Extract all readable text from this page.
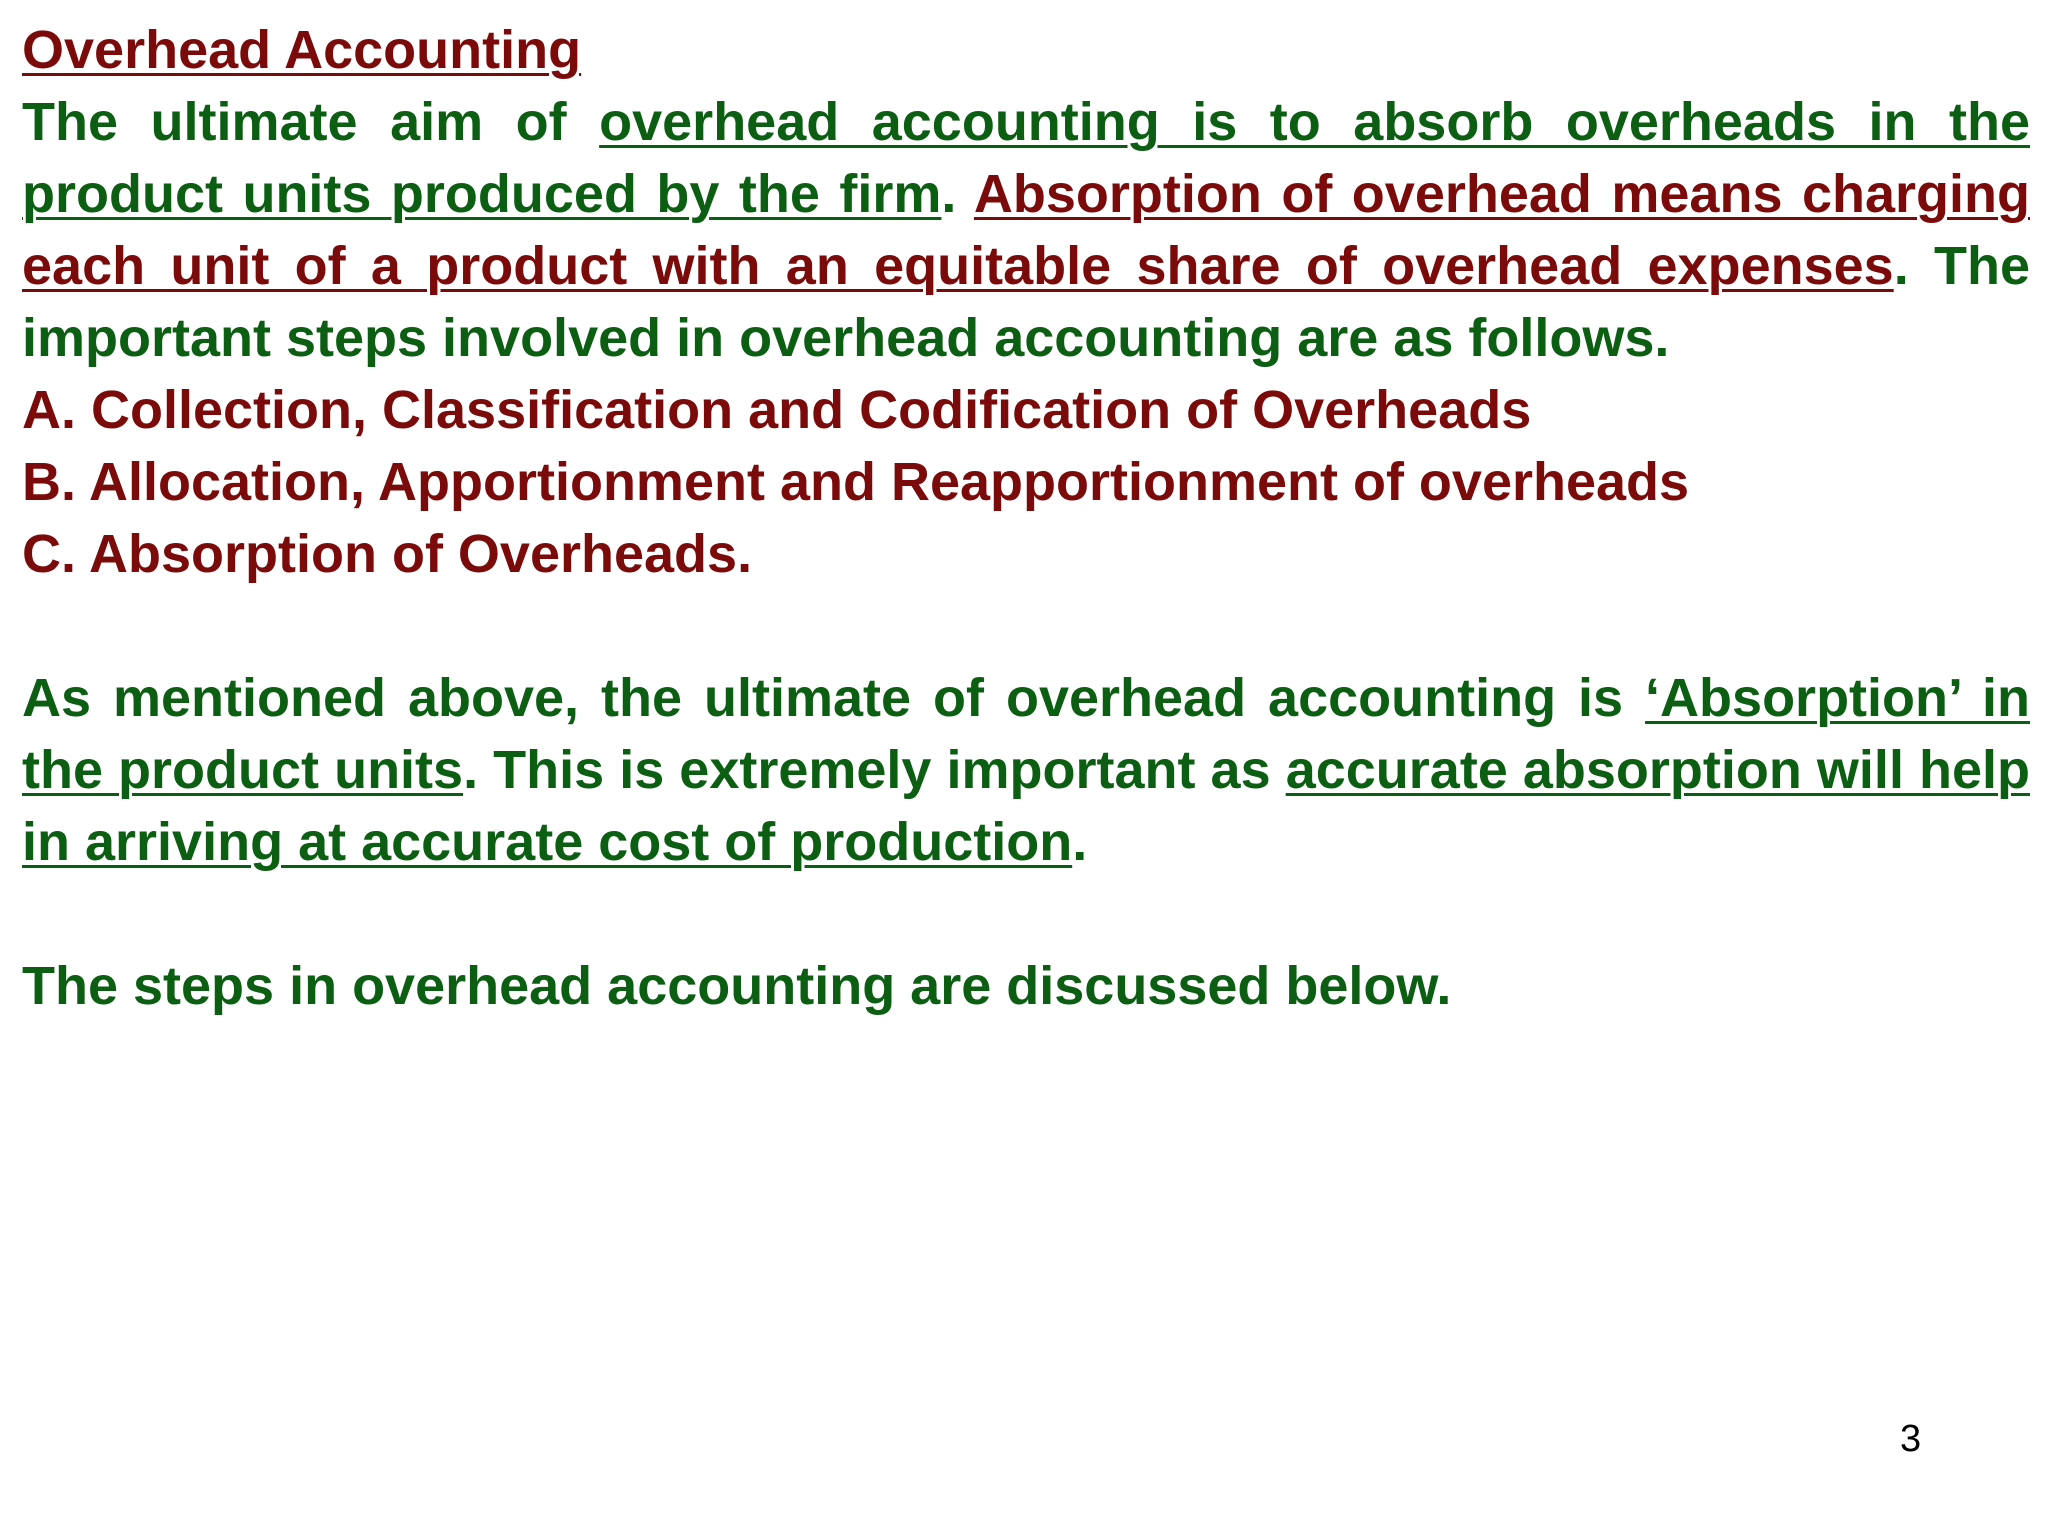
Overhead Accounting

The ultimate aim of overhead accounting is to absorb overheads in the product units produced by the firm. Absorption of overhead means charging each unit of a product with an equitable share of overhead expenses. The important steps involved in overhead accounting are as follows.

A. Collection, Classification and Codification of Overheads
B. Allocation, Apportionment and Reapportionment of overheads
C. Absorption of Overheads.

As mentioned above, the ultimate of overhead accounting is ‘Absorption’ in the product units. This is extremely important as accurate absorption will help in arriving at accurate cost of production.

The steps in overhead accounting are discussed below.

3
